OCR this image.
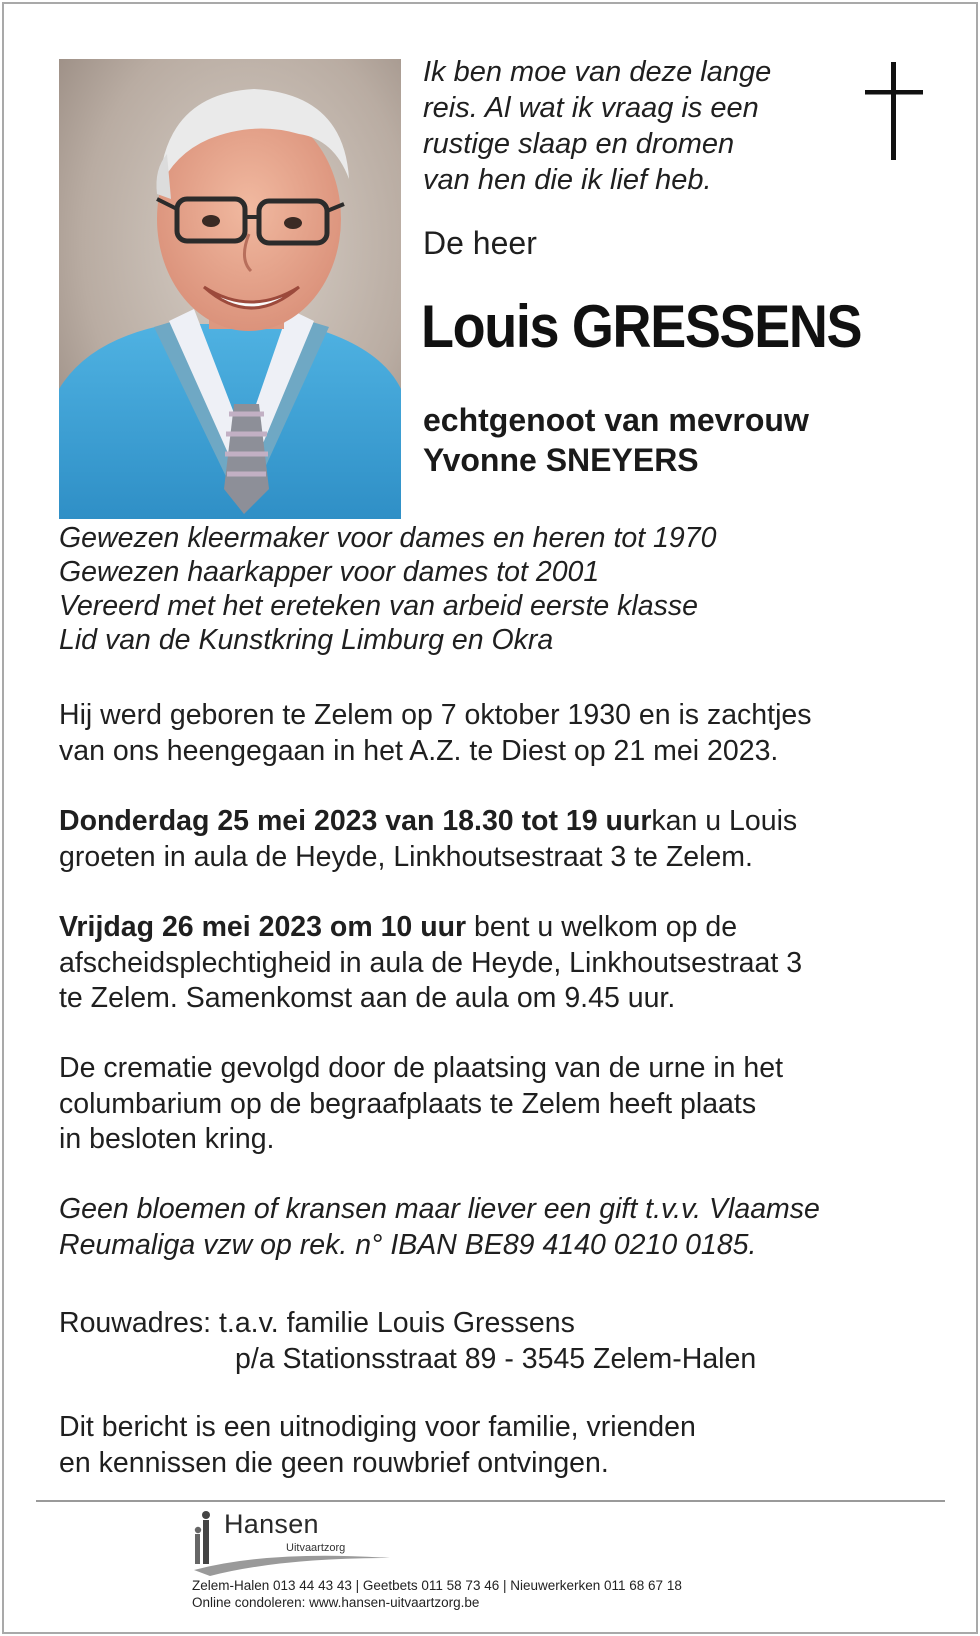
Ik ben moe van deze lange
reis. Al wat ik vraag is een
rustige slaap en dromen
van hen die ik lief heb.
De heer
Louis GRESSENS
echtgenoot van mevrouw
Yvonne SNEYERS
Gewezen kleermaker voor dames en heren tot 1970
Gewezen haarkapper voor dames tot 2001
Vereerd met het ereteken van arbeid eerste klasse
Lid van de Kunstkring Limburg en Okra
Hij werd geboren te Zelem op 7 oktober 1930 en is zachtjes
van ons heengegaan in het A.Z. te Diest op 21 mei 2023.
Donderdag 25 mei 2023 van 18.30 tot 19 uurkan u Louis
groeten in aula de Heyde, Linkhoutsestraat 3 te Zelem.
Vrijdag 26 mei 2023 om 10 uur bent u welkom op de
afscheidsplechtigheid in aula de Heyde, Linkhoutsestraat 3
te Zelem. Samenkomst aan de aula om 9.45 uur.
De crematie gevolgd door de plaatsing van de urne in het
columbarium op de begraafplaats te Zelem heeft plaats
in besloten kring.
Geen bloemen of kransen maar liever een gift t.v.v. Vlaamse
Reumaliga vzw op rek. n° IBAN BE89 4140 0210 0185.
Rouwadres: t.a.v. familie Louis Gressens
p/a Stationsstraat 89 - 3545 Zelem-Halen
Dit bericht is een uitnodiging voor familie, vrienden
en kennissen die geen rouwbrief ontvingen.
Hansen
Uitvaartzorg
Zelem-Halen 013 44 43 43 | Geetbets 011 58 73 46 | Nieuwerkerken 011 68 67 18
Online condoleren: www.hansen-uitvaartzorg.be
